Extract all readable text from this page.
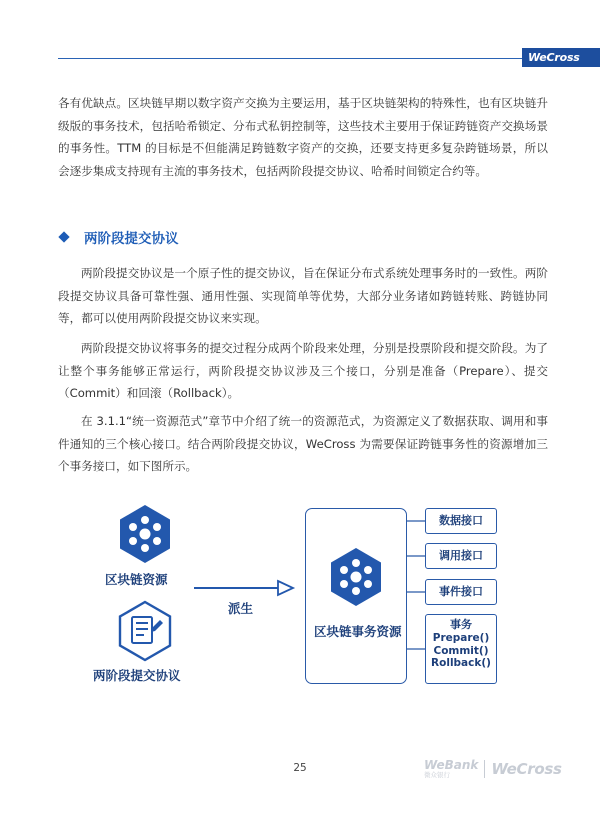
WeCross

各有优缺点。区块链早期以数字资产交换为主要运用，基于区块链架构的特殊性，也有区块链升级版的事务技术，包括哈希锁定、分布式私钥控制等，这些技术主要用于保证跨链资产交换场景的事务性。TTM 的目标是不但能满足跨链数字资产的交换，还要支持更多复杂跨链场景，所以会逐步集成支持现有主流的事务技术，包括两阶段提交协议、哈希时间锁定合约等。

两阶段提交协议

两阶段提交协议是一个原子性的提交协议，旨在保证分布式系统处理事务时的一致性。两阶段提交协议具备可靠性强、通用性强、实现简单等优势，大部分业务诸如跨链转账、跨链协同等，都可以使用两阶段提交协议来实现。

两阶段提交协议将事务的提交过程分成两个阶段来处理，分别是投票阶段和提交阶段。为了让整个事务能够正常运行，两阶段提交协议涉及三个接口，分别是准备（Prepare）、提交（Commit）和回滚（Rollback）。

在 3.1.1“统一资源范式”章节中介绍了统一的资源范式，为资源定义了数据获取、调用和事件通知的三个核心接口。结合两阶段提交协议，WeCross 为需要保证跨链事务性的资源增加三个事务接口，如下图所示。

区块链资源
两阶段提交协议
派生
区块链事务资源
数据接口
调用接口
事件接口
事务
Prepare()
Commit()
Rollback()
25	WeBank
微众银行	WeCross
